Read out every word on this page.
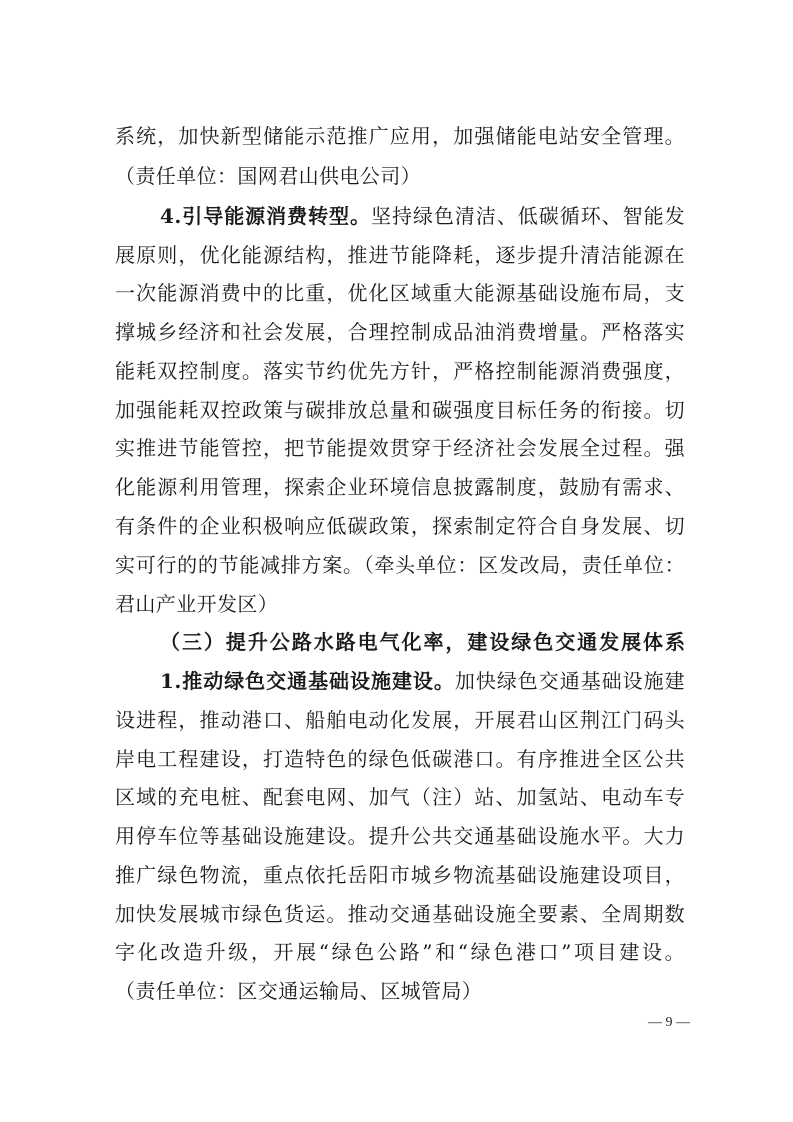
系统，加快新型储能示范推广应用，加强储能电站安全管理。
（责任单位：国网君山供电公司）
4.引导能源消费转型。坚持绿色清洁、低碳循环、智能发
展原则，优化能源结构，推进节能降耗，逐步提升清洁能源在
一次能源消费中的比重，优化区域重大能源基础设施布局，支
撑城乡经济和社会发展，合理控制成品油消费增量。严格落实
能耗双控制度。落实节约优先方针，严格控制能源消费强度，
加强能耗双控政策与碳排放总量和碳强度目标任务的衔接。切
实推进节能管控，把节能提效贯穿于经济社会发展全过程。强
化能源利用管理，探索企业环境信息披露制度，鼓励有需求、
有条件的企业积极响应低碳政策，探索制定符合自身发展、切
实可行的的节能减排方案。（牵头单位：区发改局，责任单位：
君山产业开发区）
（三）提升公路水路电气化率，建设绿色交通发展体系
1.推动绿色交通基础设施建设。加快绿色交通基础设施建
设进程，推动港口、船舶电动化发展，开展君山区荆江门码头
岸电工程建设，打造特色的绿色低碳港口。有序推进全区公共
区域的充电桩、配套电网、加气（注）站、加氢站、电动车专
用停车位等基础设施建设。提升公共交通基础设施水平。大力
推广绿色物流，重点依托岳阳市城乡物流基础设施建设项目，
加快发展城市绿色货运。推动交通基础设施全要素、全周期数
字化改造升级，开展“绿色公路”和“绿色港口”项目建设。
（责任单位：区交通运输局、区城管局）
— 9 —
